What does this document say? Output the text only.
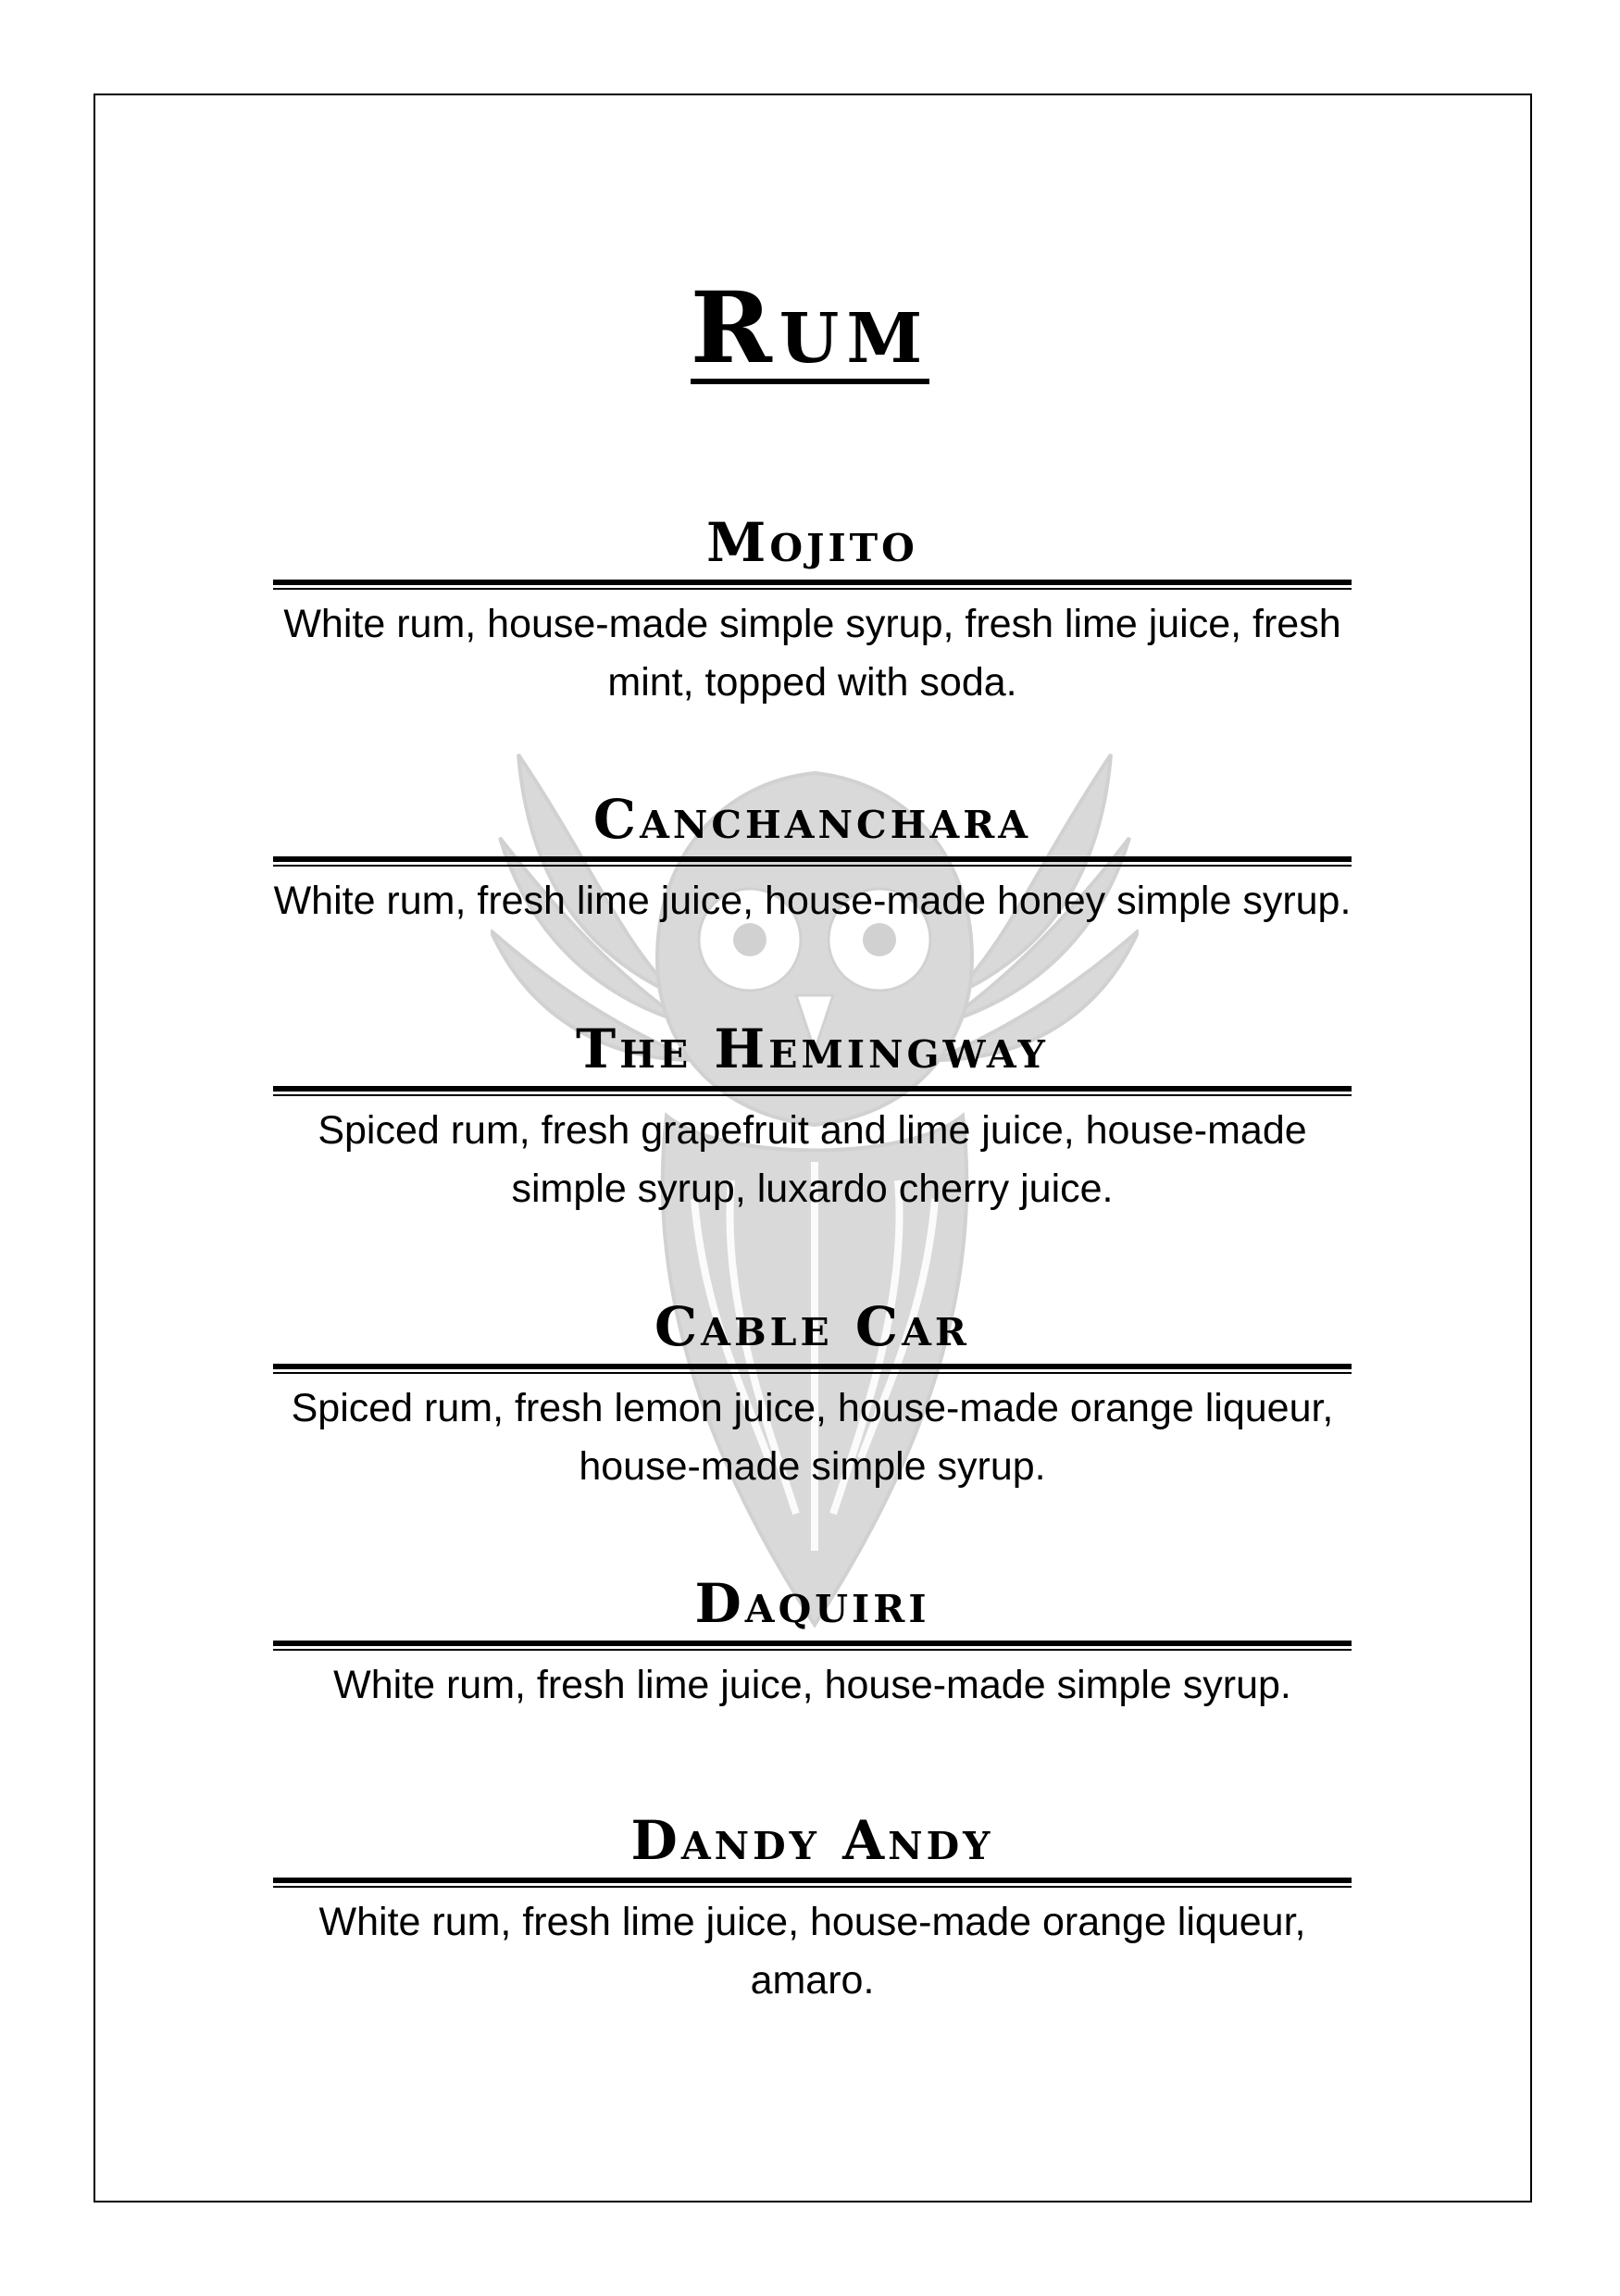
Rum
Mojito
White rum, house-made simple syrup, fresh lime juice, fresh mint, topped with soda.
Canchanchara
White rum, fresh lime juice, house-made honey simple syrup.
The Hemingway
Spiced rum, fresh grapefruit and lime juice, house-made simple syrup, luxardo cherry juice.
Cable Car
Spiced rum, fresh lemon juice, house-made orange liqueur, house-made simple syrup.
Daquiri
White rum, fresh lime juice, house-made simple syrup.
Dandy Andy
White rum, fresh lime juice, house-made orange liqueur, amaro.
